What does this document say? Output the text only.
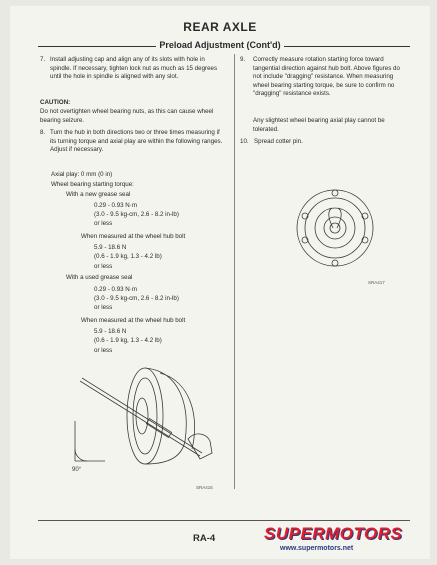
REAR AXLE
Preload Adjustment (Cont'd)
7. Install adjusting cap and align any of its slots with hole in spindle. If necessary, tighten lock nut as much as 15 degrees until the hole in spindle is aligned with any slot.

CAUTION:

Do not overtighten wheel bearing nuts, as this can cause wheel bearing seizure.

8. Turn the hub in both directions two or three times measuring if its turning torque and axial play are within the following ranges. Adjust if necessary.

Axial play: 0 mm (0 in)

Wheel bearing starting torque:

With a new grease seal

0.29 - 0.93 N·m

(3.0 - 9.5 kg-cm, 2.6 - 8.2 in-lb)

or less

When measured at the wheel hub bolt

5.9 - 18.6 N

(0.6 - 1.9 kg, 1.3 - 4.2 lb)

or less

With a used grease seal

0.29 - 0.93 N·m

(3.0 - 9.5 kg-cm, 2.6 - 8.2 in-lb)

or less

When measured at the wheel hub bolt

5.9 - 18.6 N

(0.6 - 1.9 kg, 1.3 - 4.2 lb)

or less

90°
SRA416
9. Correctly measure rotation starting force toward tangential direction against hub bolt. Above figures do not include "dragging" resistance. When measuring wheel bearing starting torque, be sure to confirm no "dragging" resistance exists.

Any slightest wheel bearing axial play cannot be tolerated.

10. Spread cotter pin.

SRA417
RA-4	SUPERMOTORS
www.supermotors.net
